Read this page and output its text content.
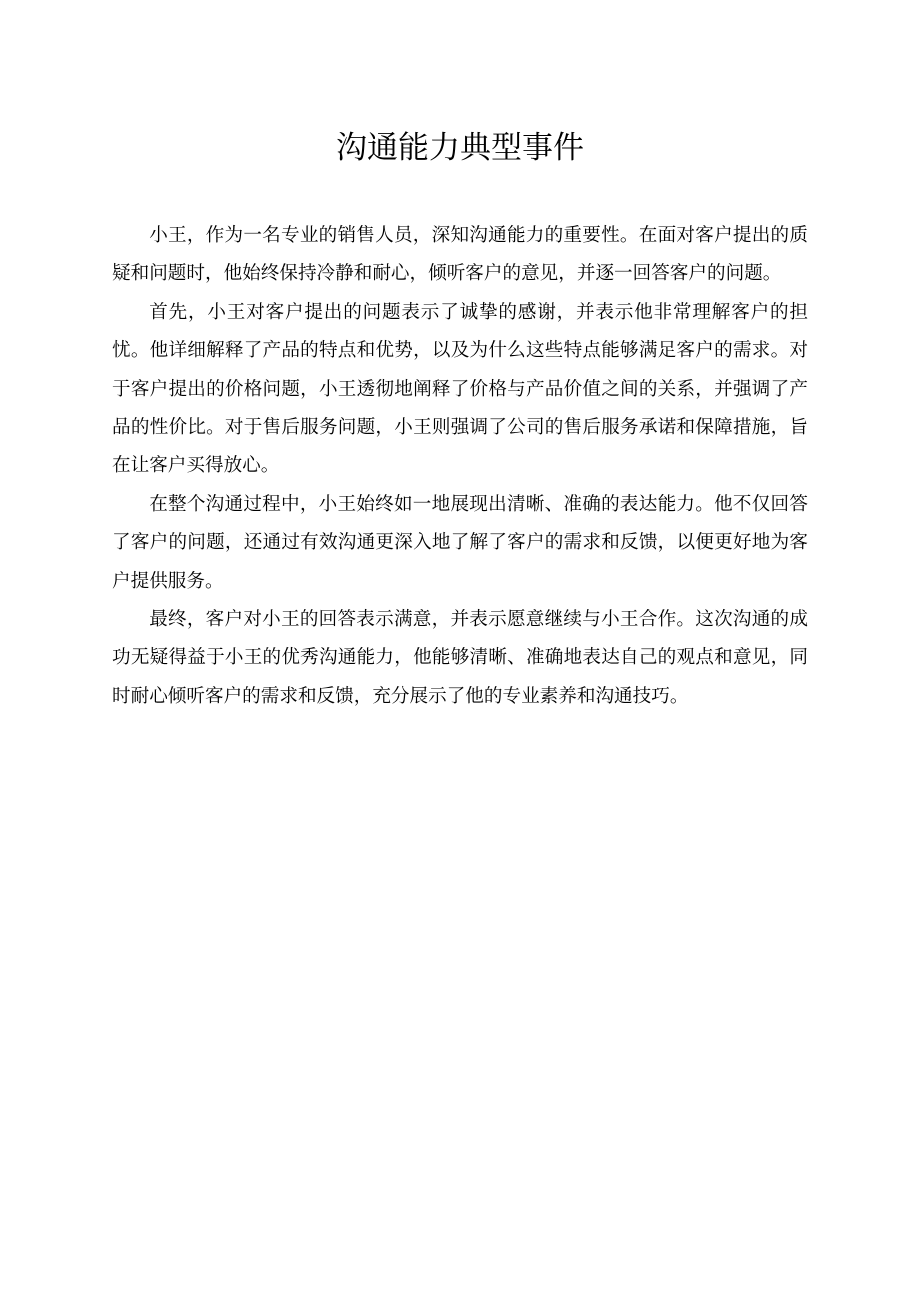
沟通能力典型事件

小王，作为一名专业的销售人员，深知沟通能力的重要性。在面对客户提出的质疑和问题时，他始终保持冷静和耐心，倾听客户的意见，并逐一回答客户的问题。

首先，小王对客户提出的问题表示了诚挚的感谢，并表示他非常理解客户的担忧。他详细解释了产品的特点和优势，以及为什么这些特点能够满足客户的需求。对于客户提出的价格问题，小王透彻地阐释了价格与产品价值之间的关系，并强调了产品的性价比。对于售后服务问题，小王则强调了公司的售后服务承诺和保障措施，旨在让客户买得放心。

在整个沟通过程中，小王始终如一地展现出清晰、准确的表达能力。他不仅回答了客户的问题，还通过有效沟通更深入地了解了客户的需求和反馈，以便更好地为客户提供服务。

最终，客户对小王的回答表示满意，并表示愿意继续与小王合作。这次沟通的成功无疑得益于小王的优秀沟通能力，他能够清晰、准确地表达自己的观点和意见，同时耐心倾听客户的需求和反馈，充分展示了他的专业素养和沟通技巧。
